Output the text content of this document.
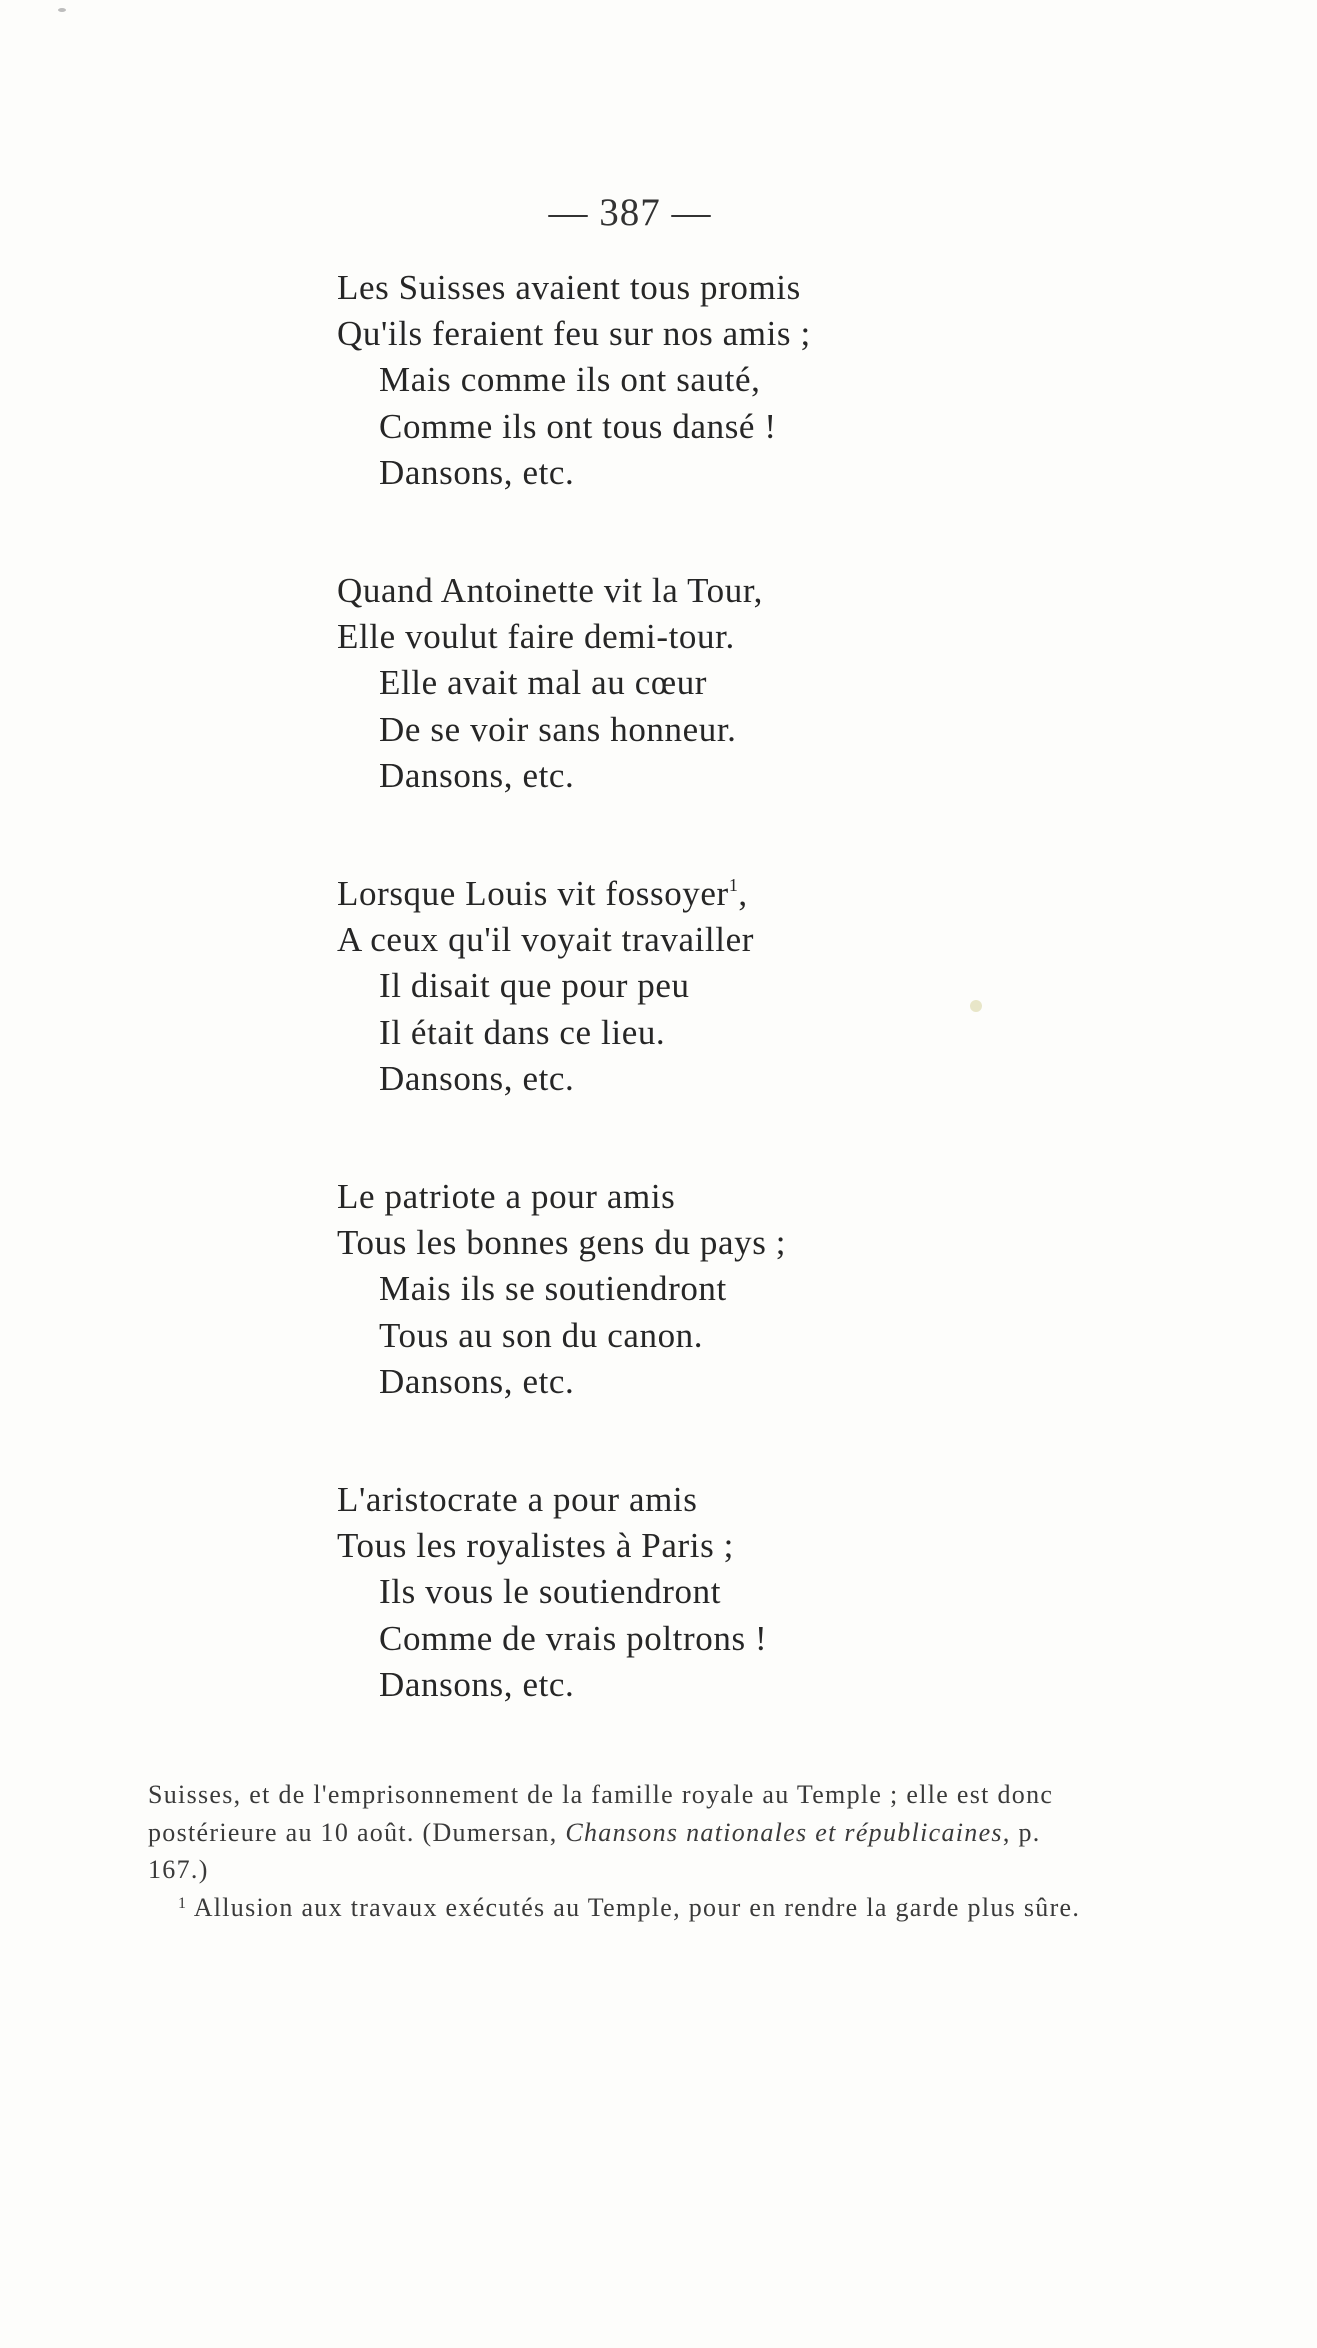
— 387 —
Les Suisses avaient tous promis
Qu'ils feraient feu sur nos amis ;
Mais comme ils ont sauté,
Comme ils ont tous dansé !
Dansons, etc.
Quand Antoinette vit la Tour,
Elle voulut faire demi-tour.
Elle avait mal au cœur
De se voir sans honneur.
Dansons, etc.
Lorsque Louis vit fossoyer$^1$,
A ceux qu'il voyait travailler
Il disait que pour peu
Il était dans ce lieu.
Dansons, etc.
Le patriote a pour amis
Tous les bonnes gens du pays ;
Mais ils se soutiendront
Tous au son du canon.
Dansons, etc.
L'aristocrate a pour amis
Tous les royalistes à Paris ;
Ils vous le soutiendront
Comme de vrais poltrons !
Dansons, etc.

Suisses, et de l'emprisonnement de la famille royale au Temple ; elle est donc postérieure au 10 août. (Dumersan, Chansons nationales et républicaines, p. 167.)

$^1$ Allusion aux travaux exécutés au Temple, pour en rendre la garde plus sûre.
